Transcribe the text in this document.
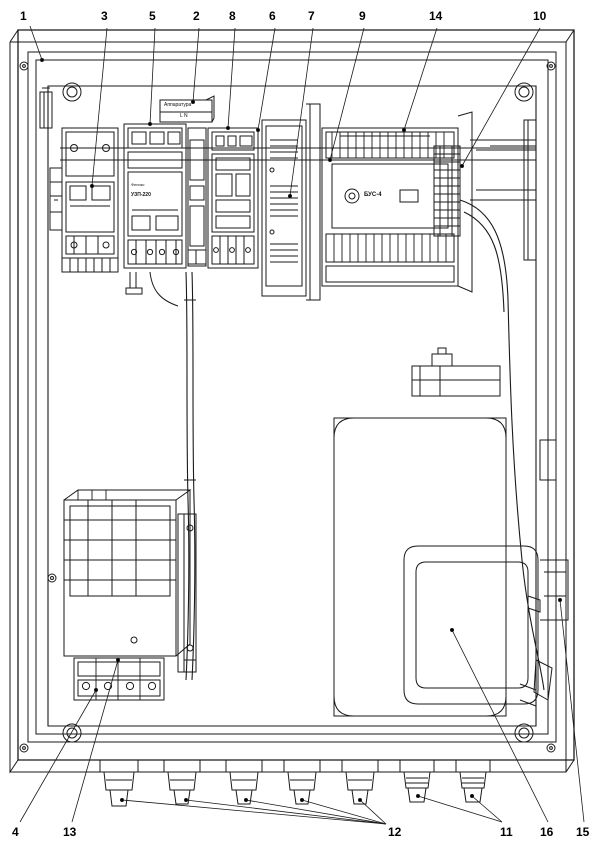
1	3	5	2 8	6	7	9	14	10
4	13	12	11 16 15
Аппаратура
L N
УЗП-220
Феникс
БУС-4
